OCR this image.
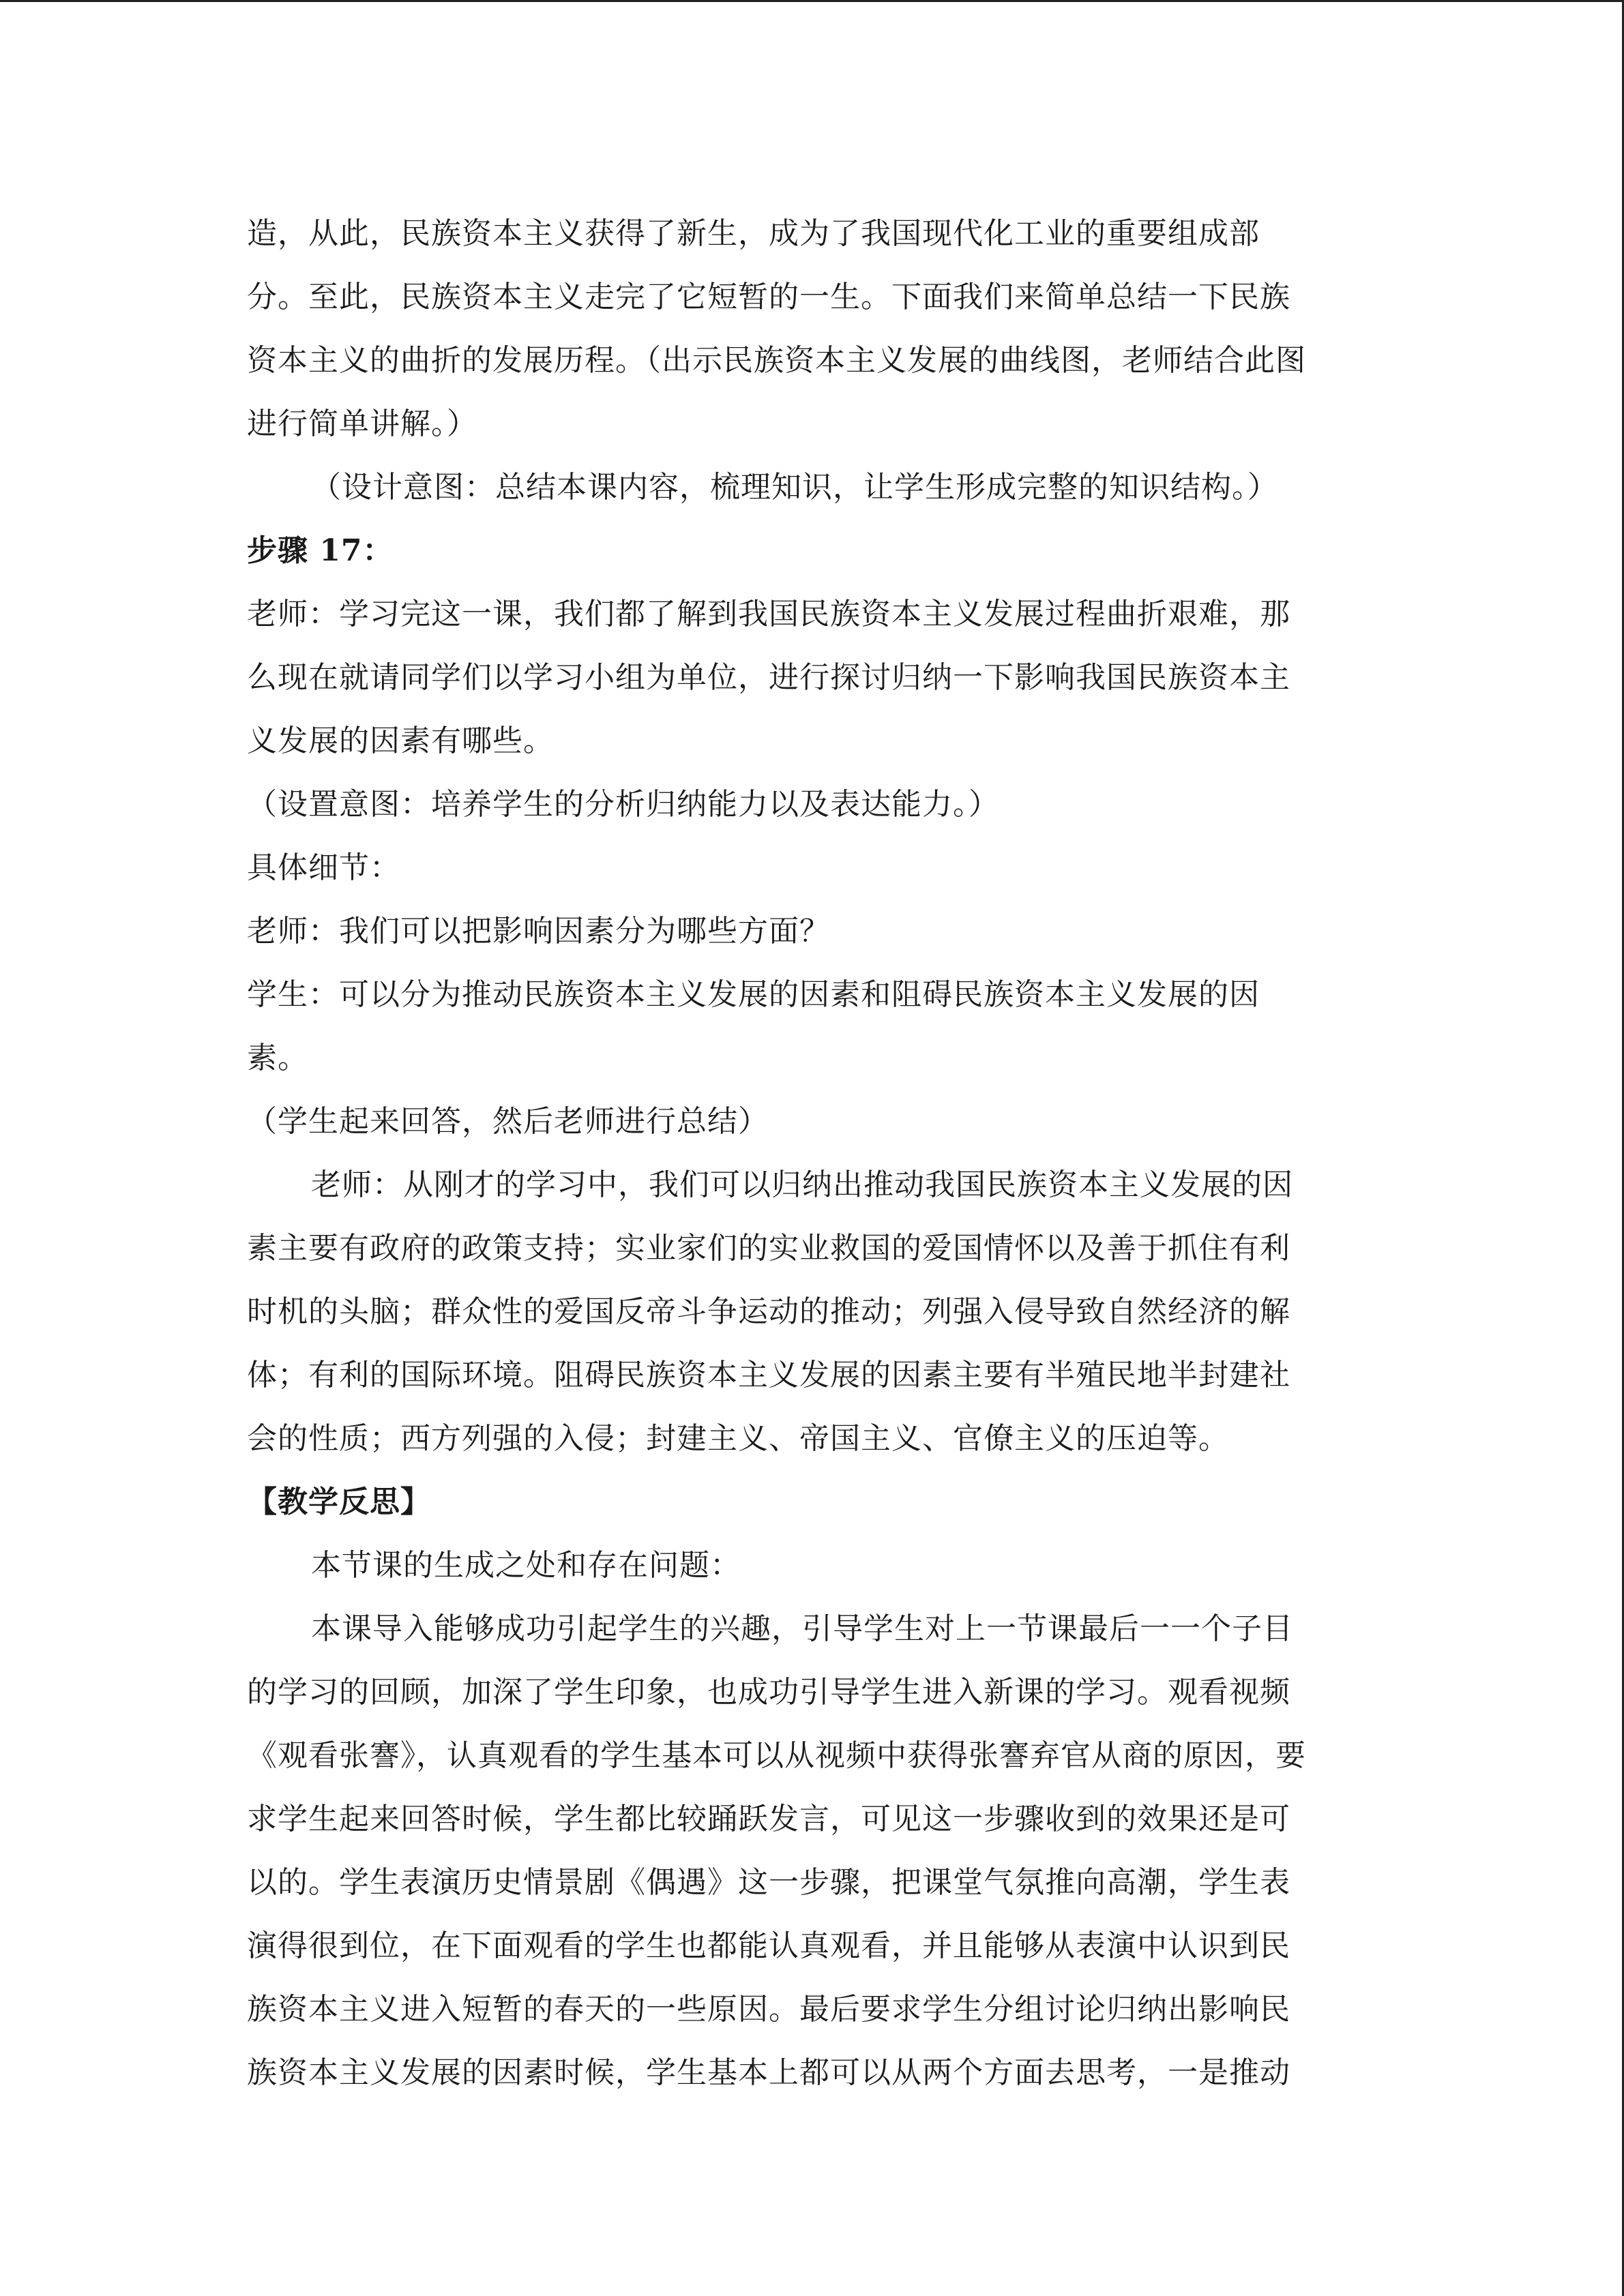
造，从此，民族资本主义获得了新生，成为了我国现代化工业的重要组成部
分。至此，民族资本主义走完了它短暂的一生。下面我们来简单总结一下民族
资本主义的曲折的发展历程。（出示民族资本主义发展的曲线图，老师结合此图
进行简单讲解。）
（设计意图：总结本课内容，梳理知识，让学生形成完整的知识结构。）
步骤 17：
老师：学习完这一课，我们都了解到我国民族资本主义发展过程曲折艰难，那
么现在就请同学们以学习小组为单位，进行探讨归纳一下影响我国民族资本主
义发展的因素有哪些。
（设置意图：培养学生的分析归纳能力以及表达能力。）
具体细节：
老师：我们可以把影响因素分为哪些方面？
学生：可以分为推动民族资本主义发展的因素和阻碍民族资本主义发展的因
素。
（学生起来回答，然后老师进行总结）
老师：从刚才的学习中，我们可以归纳出推动我国民族资本主义发展的因
素主要有政府的政策支持；实业家们的实业救国的爱国情怀以及善于抓住有利
时机的头脑；群众性的爱国反帝斗争运动的推动；列强入侵导致自然经济的解
体；有利的国际环境。阻碍民族资本主义发展的因素主要有半殖民地半封建社
会的性质；西方列强的入侵；封建主义、帝国主义、官僚主义的压迫等。
【教学反思】
本节课的生成之处和存在问题：
本课导入能够成功引起学生的兴趣，引导学生对上一节课最后一一个子目
的学习的回顾，加深了学生印象，也成功引导学生进入新课的学习。观看视频
《观看张謇》，认真观看的学生基本可以从视频中获得张謇弃官从商的原因，要
求学生起来回答时候，学生都比较踊跃发言，可见这一步骤收到的效果还是可
以的。学生表演历史情景剧《偶遇》这一步骤，把课堂气氛推向高潮，学生表
演得很到位，在下面观看的学生也都能认真观看，并且能够从表演中认识到民
族资本主义进入短暂的春天的一些原因。最后要求学生分组讨论归纳出影响民
族资本主义发展的因素时候，学生基本上都可以从两个方面去思考，一是推动
